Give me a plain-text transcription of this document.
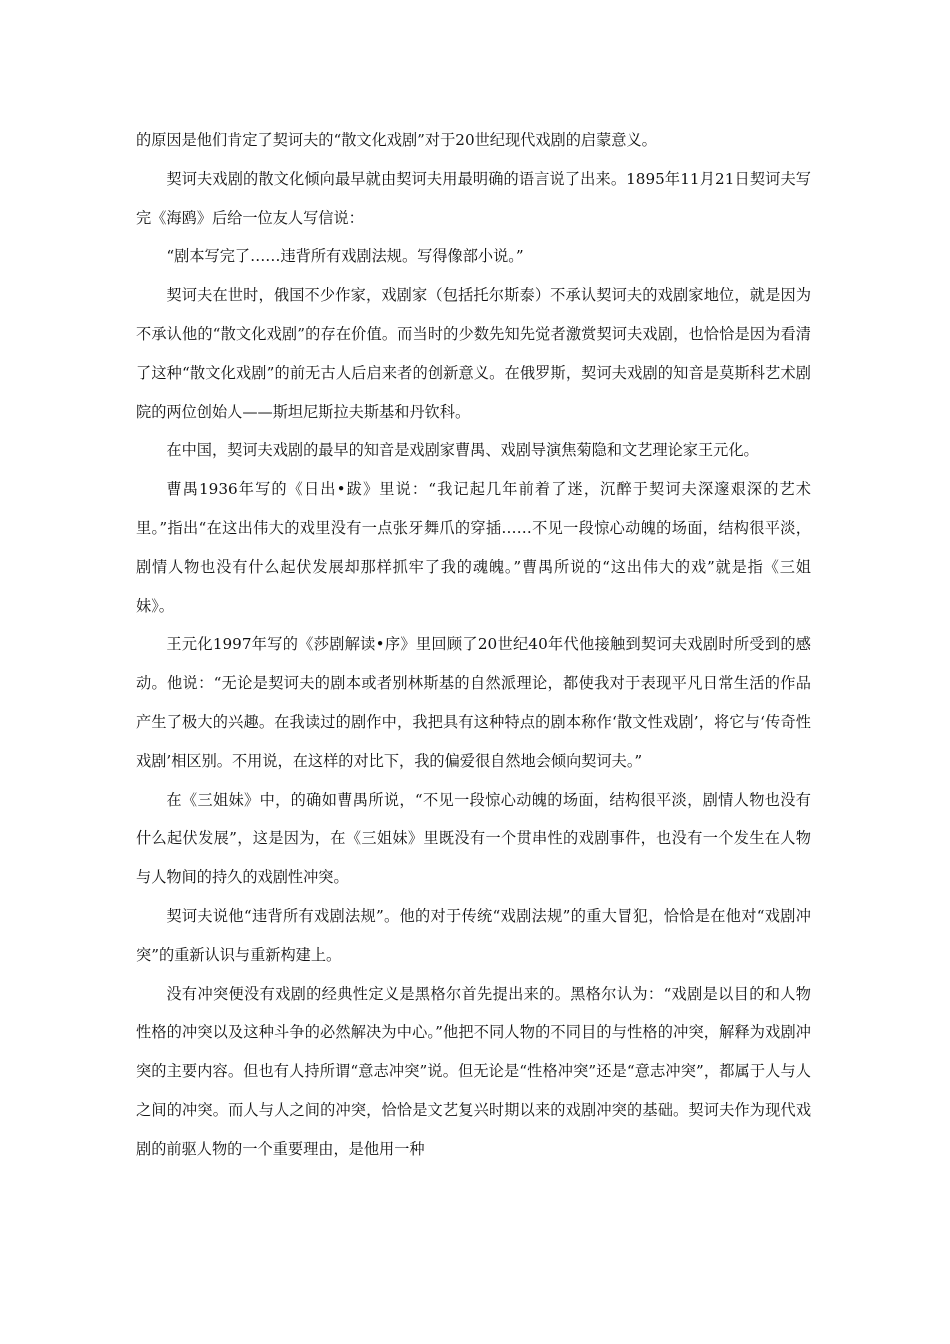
的原因是他们肯定了契诃夫的“散文化戏剧”对于20世纪现代戏剧的启蒙意义。

契诃夫戏剧的散文化倾向最早就由契诃夫用最明确的语言说了出来。1895年11月21日契诃夫写完《海鸥》后给一位友人写信说：

“剧本写完了……违背所有戏剧法规。写得像部小说。”

契诃夫在世时，俄国不少作家，戏剧家（包括托尔斯泰）不承认契诃夫的戏剧家地位，就是因为不承认他的“散文化戏剧”的存在价值。而当时的少数先知先觉者激赏契诃夫戏剧，也恰恰是因为看清了这种“散文化戏剧”的前无古人后启来者的创新意义。在俄罗斯，契诃夫戏剧的知音是莫斯科艺术剧院的两位创始人——斯坦尼斯拉夫斯基和丹钦科。

在中国，契诃夫戏剧的最早的知音是戏剧家曹禺、戏剧导演焦菊隐和文艺理论家王元化。

曹禺1936年写的《日出•跋》里说：“我记起几年前着了迷，沉醉于契诃夫深邃艰深的艺术里。”指出“在这出伟大的戏里没有一点张牙舞爪的穿插……不见一段惊心动魄的场面，结构很平淡，剧情人物也没有什么起伏发展却那样抓牢了我的魂魄。”曹禺所说的“这出伟大的戏”就是指《三姐妹》。

王元化1997年写的《莎剧解读•序》里回顾了20世纪40年代他接触到契诃夫戏剧时所受到的感动。他说：“无论是契诃夫的剧本或者别林斯基的自然派理论，都使我对于表现平凡日常生活的作品产生了极大的兴趣。在我读过的剧作中，我把具有这种特点的剧本称作‘散文性戏剧’，将它与‘传奇性戏剧’相区别。不用说，在这样的对比下，我的偏爱很自然地会倾向契诃夫。”

在《三姐妹》中，的确如曹禺所说，“不见一段惊心动魄的场面，结构很平淡，剧情人物也没有什么起伏发展”，这是因为，在《三姐妹》里既没有一个贯串性的戏剧事件，也没有一个发生在人物与人物间的持久的戏剧性冲突。

契诃夫说他“违背所有戏剧法规”。他的对于传统“戏剧法规”的重大冒犯，恰恰是在他对“戏剧冲突”的重新认识与重新构建上。

没有冲突便没有戏剧的经典性定义是黑格尔首先提出来的。黑格尔认为：“戏剧是以目的和人物性格的冲突以及这种斗争的必然解决为中心。”他把不同人物的不同目的与性格的冲突，解释为戏剧冲突的主要内容。但也有人持所谓“意志冲突”说。但无论是“性格冲突”还是“意志冲突”，都属于人与人之间的冲突。而人与人之间的冲突，恰恰是文艺复兴时期以来的戏剧冲突的基础。契诃夫作为现代戏剧的前驱人物的一个重要理由，是他用一种
